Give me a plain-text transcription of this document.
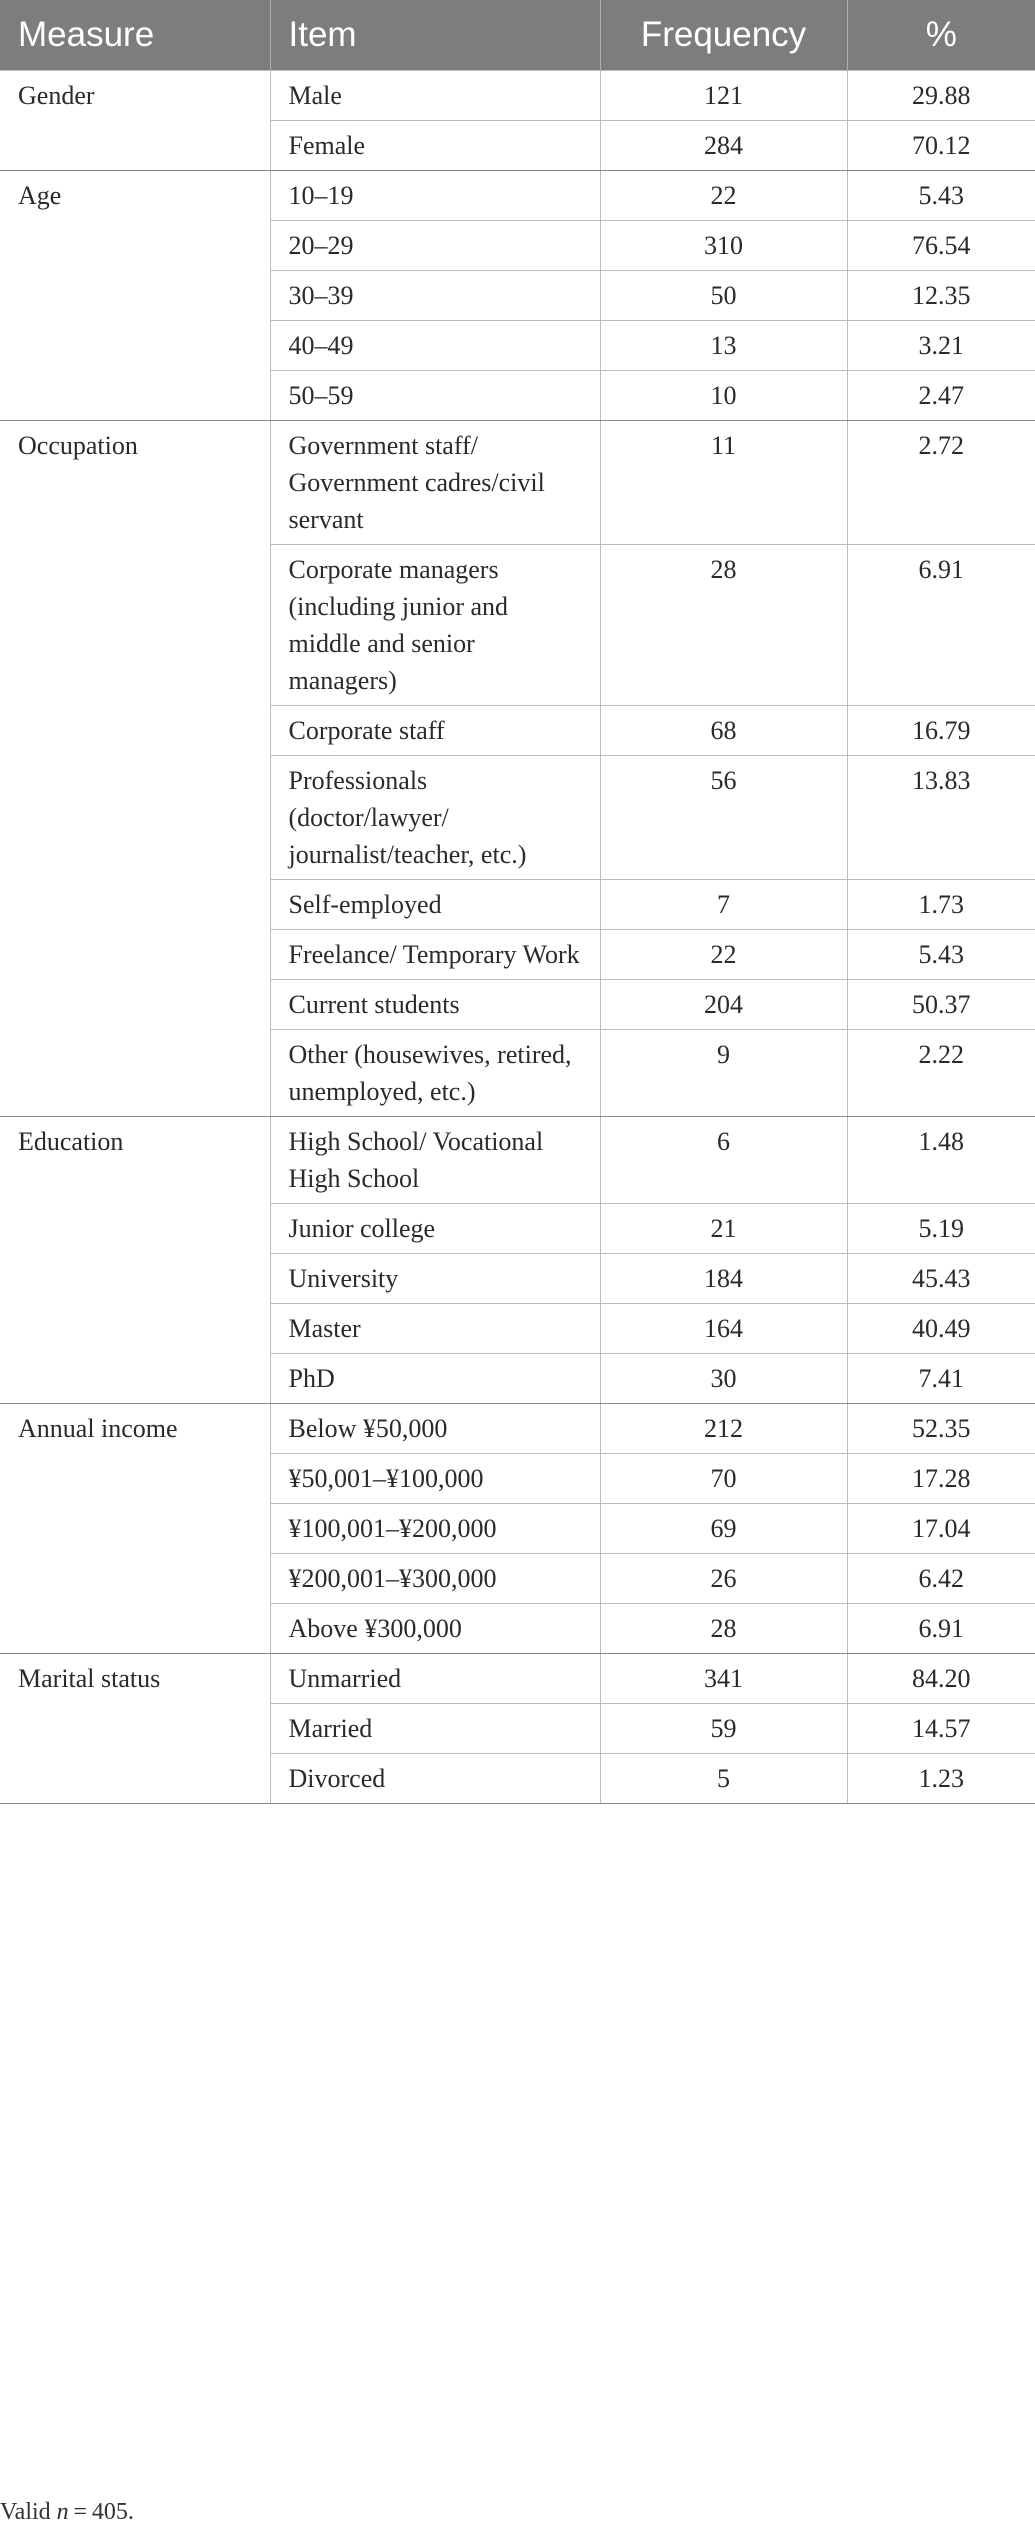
Measure	Item	Frequency	%
Gender	Male	121	29.88
	Female	284	70.12
Age	10–19	22	5.43
	20–29	310	76.54
	30–39	50	12.35
	40–49	13	3.21
	50–59	10	2.47
Occupation	Government staff/ Government cadres/civil servant	11	2.72
	Corporate managers (including junior and middle and senior managers)	28	6.91
	Corporate staff	68	16.79
	Professionals (doctor/lawyer/ journalist/teacher, etc.)	56	13.83
	Self-employed	7	1.73
	Freelance/ Temporary Work	22	5.43
	Current students	204	50.37
	Other (housewives, retired, unemployed, etc.)	9	2.22
Education	High School/ Vocational High School	6	1.48
	Junior college	21	5.19
	University	184	45.43
	Master	164	40.49
	PhD	30	7.41
Annual income	Below ¥50,000	212	52.35
	¥50,001–¥100,000	70	17.28
	¥100,001–¥200,000	69	17.04
	¥200,001–¥300,000	26	6.42
	Above ¥300,000	28	6.91
Marital status	Unmarried	341	84.20
	Married	59	14.57
	Divorced	5	1.23
Valid n = 405.
